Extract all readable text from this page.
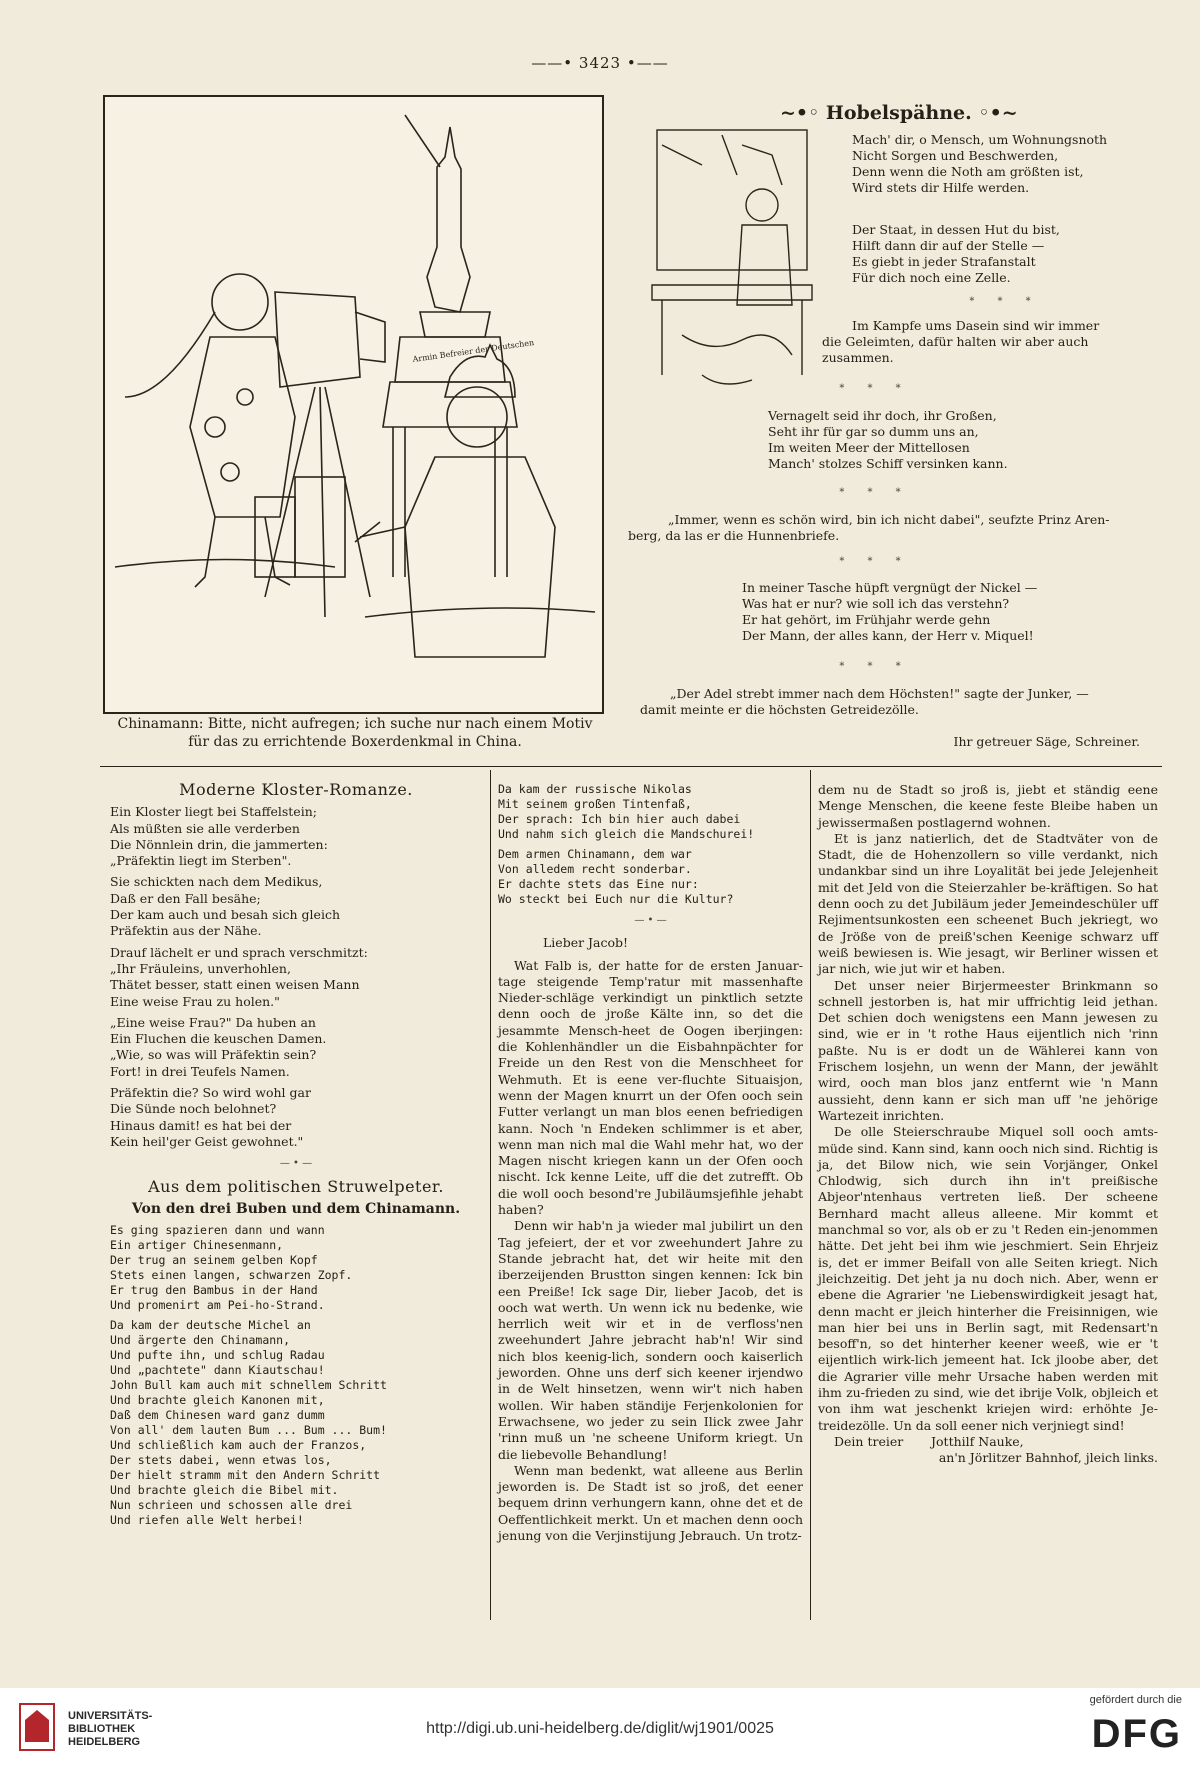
——• 3423 •——
Armin Befreier der Deutschen
Chinamann: Bitte, nicht aufregen; ich suche nur nach einem Motiv
für das zu errichtende Boxerdenkmal in China.
~•◦ Hobelspähne. ◦•~
Mach' dir, o Mensch, um Wohnungsnoth
Nicht Sorgen und Beschwerden,
Denn wenn die Noth am größten ist,
Wird stets dir Hilfe werden.
Der Staat, in dessen Hut du bist,
Hilft dann dir auf der Stelle —
Es giebt in jeder Strafanstalt
Für dich noch eine Zelle.
* * *
Im Kampfe ums Dasein sind wir immer
die Geleimten, dafür halten wir aber auch
zusammen.
* * *
Vernagelt seid ihr doch, ihr Großen,
Seht ihr für gar so dumm uns an,
Im weiten Meer der Mittellosen
Manch' stolzes Schiff versinken kann.
* * *
„Immer, wenn es schön wird, bin ich nicht dabei", seufzte Prinz Aren-
berg, da las er die Hunnenbriefe.
* * *
In meiner Tasche hüpft vergnügt der Nickel —
Was hat er nur? wie soll ich das verstehn?
Er hat gehört, im Frühjahr werde gehn
Der Mann, der alles kann, der Herr v. Miquel!
* * *
„Der Adel strebt immer nach dem Höchsten!" sagte der Junker, —
damit meinte er die höchsten Getreidezölle.
Ihr getreuer Säge, Schreiner.
Moderne Kloster-Romanze.
Ein Kloster liegt bei Staffelstein;
Als müßten sie alle verderben
Die Nönnlein drin, die jammerten:
„Präfektin liegt im Sterben".
Sie schickten nach dem Medikus,
Daß er den Fall besähe;
Der kam auch und besah sich gleich
Präfektin aus der Nähe.
Drauf lächelt er und sprach verschmitzt:
„Ihr Fräuleins, unverhohlen,
Thätet besser, statt einen weisen Mann
Eine weise Frau zu holen."
„Eine weise Frau?" Da huben an
Ein Fluchen die keuschen Damen.
„Wie, so was will Präfektin sein?
Fort! in drei Teufels Namen.
Präfektin die? So wird wohl gar
Die Sünde noch belohnet?
Hinaus damit! es hat bei der
Kein heil'ger Geist gewohnet."
— • —
Aus dem politischen Struwelpeter.
Von den drei Buben und dem Chinamann.
Es ging spazieren dann und wann
Ein artiger Chinesenmann,
Der trug an seinem gelben Kopf
Stets einen langen, schwarzen Zopf.
Er trug den Bambus in der Hand
Und promenirt am Pei-ho-Strand.
Da kam der deutsche Michel an
Und ärgerte den Chinamann,
Und pufte ihn, und schlug Radau
Und „pachtete" dann Kiautschau!
John Bull kam auch mit schnellem Schritt
Und brachte gleich Kanonen mit,
Daß dem Chinesen ward ganz dumm
Von all' dem lauten Bum ... Bum ... Bum!
Und schließlich kam auch der Franzos,
Der stets dabei, wenn etwas los,
Der hielt stramm mit den Andern Schritt
Und brachte gleich die Bibel mit.
Nun schrieen und schossen alle drei
Und riefen alle Welt herbei!
Da kam der russische Nikolas
Mit seinem großen Tintenfaß,
Der sprach: Ich bin hier auch dabei
Und nahm sich gleich die Mandschurei!
Dem armen Chinamann, dem war
Von alledem recht sonderbar.
Er dachte stets das Eine nur:
Wo steckt bei Euch nur die Kultur?
— • —
Lieber Jacob!

Wat Falb is, der hatte for de ersten Januar-tage steigende Temp'ratur mit massenhafte Nieder-schläge verkindigt un pinktlich setzte denn ooch de jroße Kälte inn, so det die jesammte Mensch-heet de Oogen iberjingen: die Kohlenhändler un die Eisbahnpächter for Freide un den Rest von die Menschheet for Wehmuth. Et is eene ver-fluchte Situaisjon, wenn der Magen knurrt un der Ofen ooch sein Futter verlangt un man blos eenen befriedigen kann. Noch 'n Endeken schlimmer is et aber, wenn man nich mal die Wahl mehr hat, wo der Magen nischt kriegen kann un der Ofen ooch nischt. Ick kenne Leite, uff die det zutrefft. Ob die woll ooch besond're Jubiläumsjefihle jehabt haben?

Denn wir hab'n ja wieder mal jubilirt un den Tag jefeiert, der et vor zweehundert Jahre zu Stande jebracht hat, det wir heite mit den iberzeijenden Brustton singen kennen: Ick bin een Preiße! Ick sage Dir, lieber Jacob, det is ooch wat werth. Un wenn ick nu bedenke, wie herrlich weit wir et in de verfloss'nen zweehundert Jahre jebracht hab'n! Wir sind nich blos keenig-lich, sondern ooch kaiserlich jeworden. Ohne uns derf sich keener irjendwo in de Welt hinsetzen, wenn wir't nich haben wollen. Wir haben ständije Ferjenkolonien for Erwachsene, wo jeder zu sein Ilick zwee Jahr 'rinn muß un 'ne scheene Uniform kriegt. Un die liebevolle Behandlung!

Wenn man bedenkt, wat alleene aus Berlin jeworden is. De Stadt ist so jroß, det eener bequem drinn verhungern kann, ohne det et de Oeffentlichkeit merkt. Un et machen denn ooch jenung von die Verjinstijung Jebrauch. Un trotz-

dem nu de Stadt so jroß is, jiebt et ständig eene Menge Menschen, die keene feste Bleibe haben un jewissermaßen postlagernd wohnen.

Et is janz natierlich, det de Stadtväter von de Stadt, die de Hohenzollern so ville verdankt, nich undankbar sind un ihre Loyalität bei jede Jelejenheit mit det Jeld von die Steierzahler be-kräftigen. So hat denn ooch zu det Jubiläum jeder Jemeindeschüler uff Rejimentsunkosten een scheenet Buch jekriegt, wo de Jröße von de preiß'schen Keenige schwarz uff weiß bewiesen is. Wie jesagt, wir Berliner wissen et jar nich, wie jut wir et haben.

Det unser neier Birjermeester Brinkmann so schnell jestorben is, hat mir uffrichtig leid jethan. Det schien doch wenigstens een Mann jewesen zu sind, wie er in 't rothe Haus eijentlich nich 'rinn paßte. Nu is er dodt un de Wählerei kann von Frischem losjehn, un wenn der Mann, der jewählt wird, ooch man blos janz entfernt wie 'n Mann aussieht, denn kann er sich man uff 'ne jehörige Wartezeit inrichten.

De olle Steierschraube Miquel soll ooch amts-müde sind. Kann sind, kann ooch nich sind. Richtig is ja, det Bilow nich, wie sein Vorjänger, Onkel Chlodwig, sich durch ihn in't preißische Abjeor'ntenhaus vertreten ließ. Der scheene Bernhard macht alleus alleene. Mir kommt et manchmal so vor, als ob er zu 't Reden ein-jenommen hätte. Det jeht bei ihm wie jeschmiert. Sein Ehrjeiz is, det er immer Beifall von alle Seiten kriegt. Nich jleichzeitig. Det jeht ja nu doch nich. Aber, wenn er ebene die Agrarier 'ne Liebenswirdigkeit jesagt hat, denn macht er jleich hinterher die Freisinnigen, wie man hier bei uns in Berlin sagt, mit Redensart'n besoff'n, so det hinterher keener weeß, wie er 't eijentlich wirk-lich jemeent hat. Ick jloobe aber, det die Agrarier ville mehr Ursache haben werden mit ihm zu-frieden zu sind, wie det ibrije Volk, objleich et von ihm wat jeschenkt kriejen wird: erhöhte Je-treidezölle. Un da soll eener nich verjniegt sind!

Dein treier       Jotthilf Nauke,
an'n Jörlitzer Bahnhof, jleich links.
UNIVERSITÄTS-
BIBLIOTHEK
HEIDELBERG
http://digi.ub.uni-heidelberg.de/diglit/wj1901/0025
gefördert durch die
DFG
